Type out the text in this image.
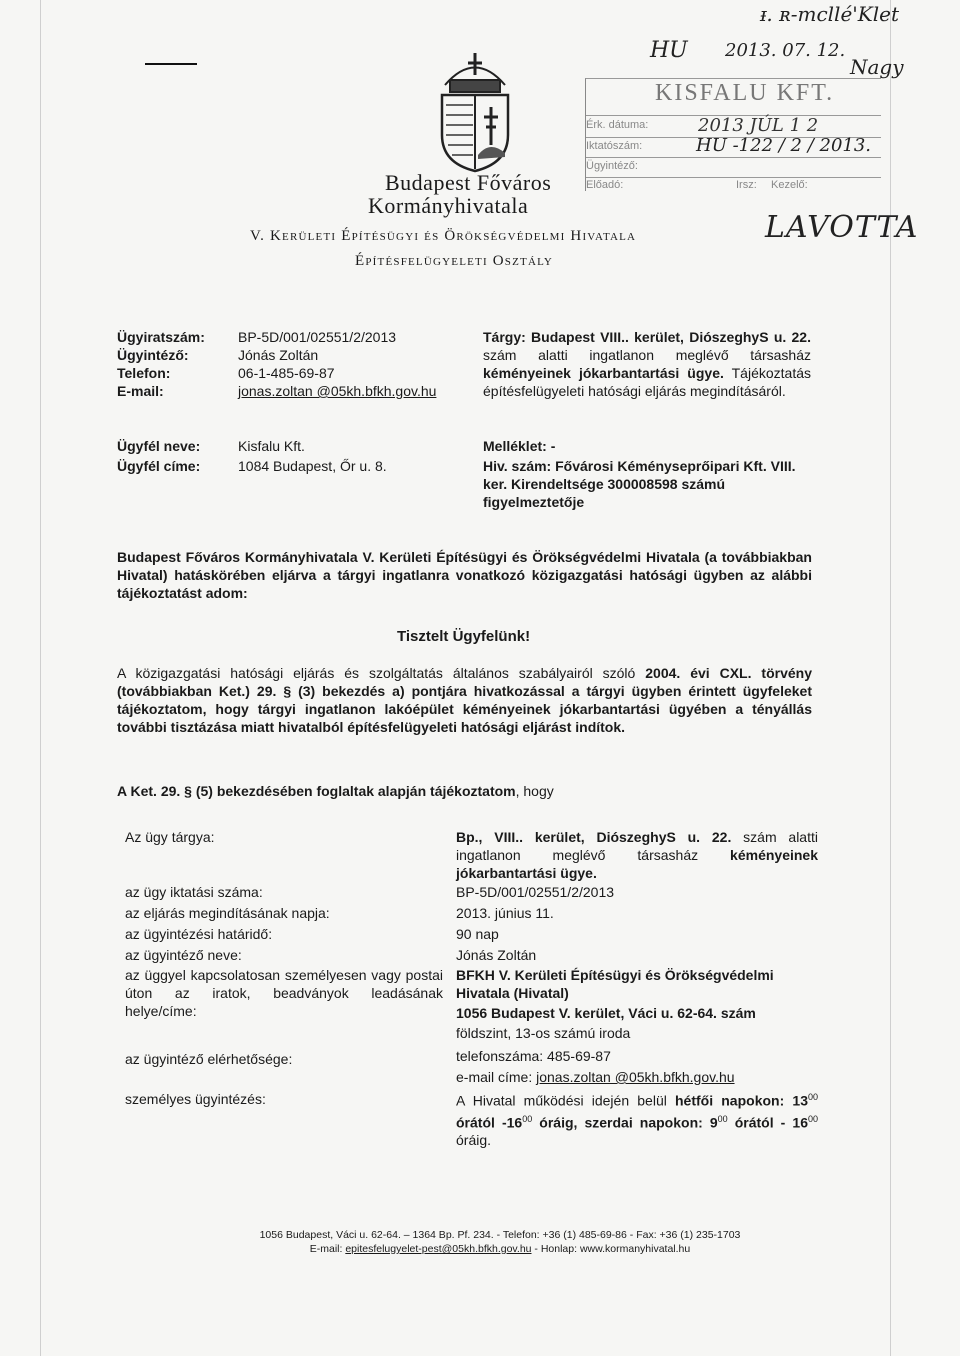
Budapest Főváros
Kormányhivatala
V. Kerületi Építésügyi és Örökségvédelmi Hivatala
Építésfelügyeleti Osztály
ᵻ. ʀ-mcllé'Klet
HU 2013. 07. 12.
Nagy
LAVOTTA
Érk. dátuma:	2013 JÚL 1 2
Iktatószám:	HU -122 / 2 / 2013.
Ügyintéző:
Előadó:	Irsz: Kezelő:
KISFALU KFT.
Ügyiratszám:	BP-5D/001/02551/2/2013
Ügyintéző:	Jónás Zoltán
Telefon:	06-1-485-69-87
E-mail:	jonas.zoltan @05kh.bfkh.gov.hu
Ügyfél neve:	Kisfalu Kft.
Ügyfél címe:	1084 Budapest, Őr u. 8.
Tárgy: Budapest VIII.. kerület, DiószeghyS u. 22. szám alatti ingatlanon meglévő társasház kéményeinek jókarbantartási ügye. Tájékoztatás építésfelügyeleti hatósági eljárás megindításáról.
Melléklet: -
Hiv. szám: Fővárosi Kéményseprőipari Kft. VIII. ker. Kirendeltsége 300008598 számú figyelmeztetője
Budapest Főváros Kormányhivatala V. Kerületi Építésügyi és Örökségvédelmi Hivatala (a továbbiakban Hivatal) hatáskörében eljárva a tárgyi ingatlanra vonatkozó közigazgatási hatósági ügyben az alábbi tájékoztatást adom:
Tisztelt Ügyfelünk!
A közigazgatási hatósági eljárás és szolgáltatás általános szabályairól szóló 2004. évi CXL. törvény (továbbiakban Ket.) 29. § (3) bekezdés a) pontjára hivatkozással a tárgyi ügyben érintett ügyfeleket tájékoztatom, hogy tárgyi ingatlanon lakóépület kéményeinek jókarbantartási ügyében a tényállás további tisztázása miatt hivatalból építésfelügyeleti hatósági eljárást indítok.
A Ket. 29. § (5) bekezdésében foglaltak alapján tájékoztatom, hogy
Az ügy tárgya:	Bp., VIII.. kerület, DiószeghyS u. 22. szám alatti ingatlanon meglévő társasház kéményeinek jókarbantartási ügye.
az ügy iktatási száma:	BP-5D/001/02551/2/2013
az eljárás megindításának napja:	2013. június 11.
az ügyintézési határidő:	90 nap
az ügyintéző neve:	Jónás Zoltán
az üggyel kapcsolatosan személyesen vagy postai úton az iratok, beadványok leadásának helye/címe:
BFKH V. Kerületi Építésügyi és Örökségvédelmi Hivatala (Hivatal)
1056 Budapest V. kerület, Váci u. 62-64. szám
földszint, 13-os számú iroda
az ügyintéző elérhetősége:	telefonszáma: 485-69-87
e-mail címe: jonas.zoltan @05kh.bfkh.gov.hu
személyes ügyintézés:	A Hivatal működési idején belül hétfői napokon: $13^{00}$ órától $-16^{00}$ óráig, szerdai napokon: $9^{00}$ órától - $16^{00}$ óráig.
1056 Budapest, Váci u. 62-64. – 1364 Bp. Pf. 234. - Telefon: +36 (1) 485-69-86 - Fax: +36 (1) 235-1703
E-mail: epitesfelugyelet-pest@05kh.bfkh.gov.hu - Honlap: www.kormanyhivatal.hu
